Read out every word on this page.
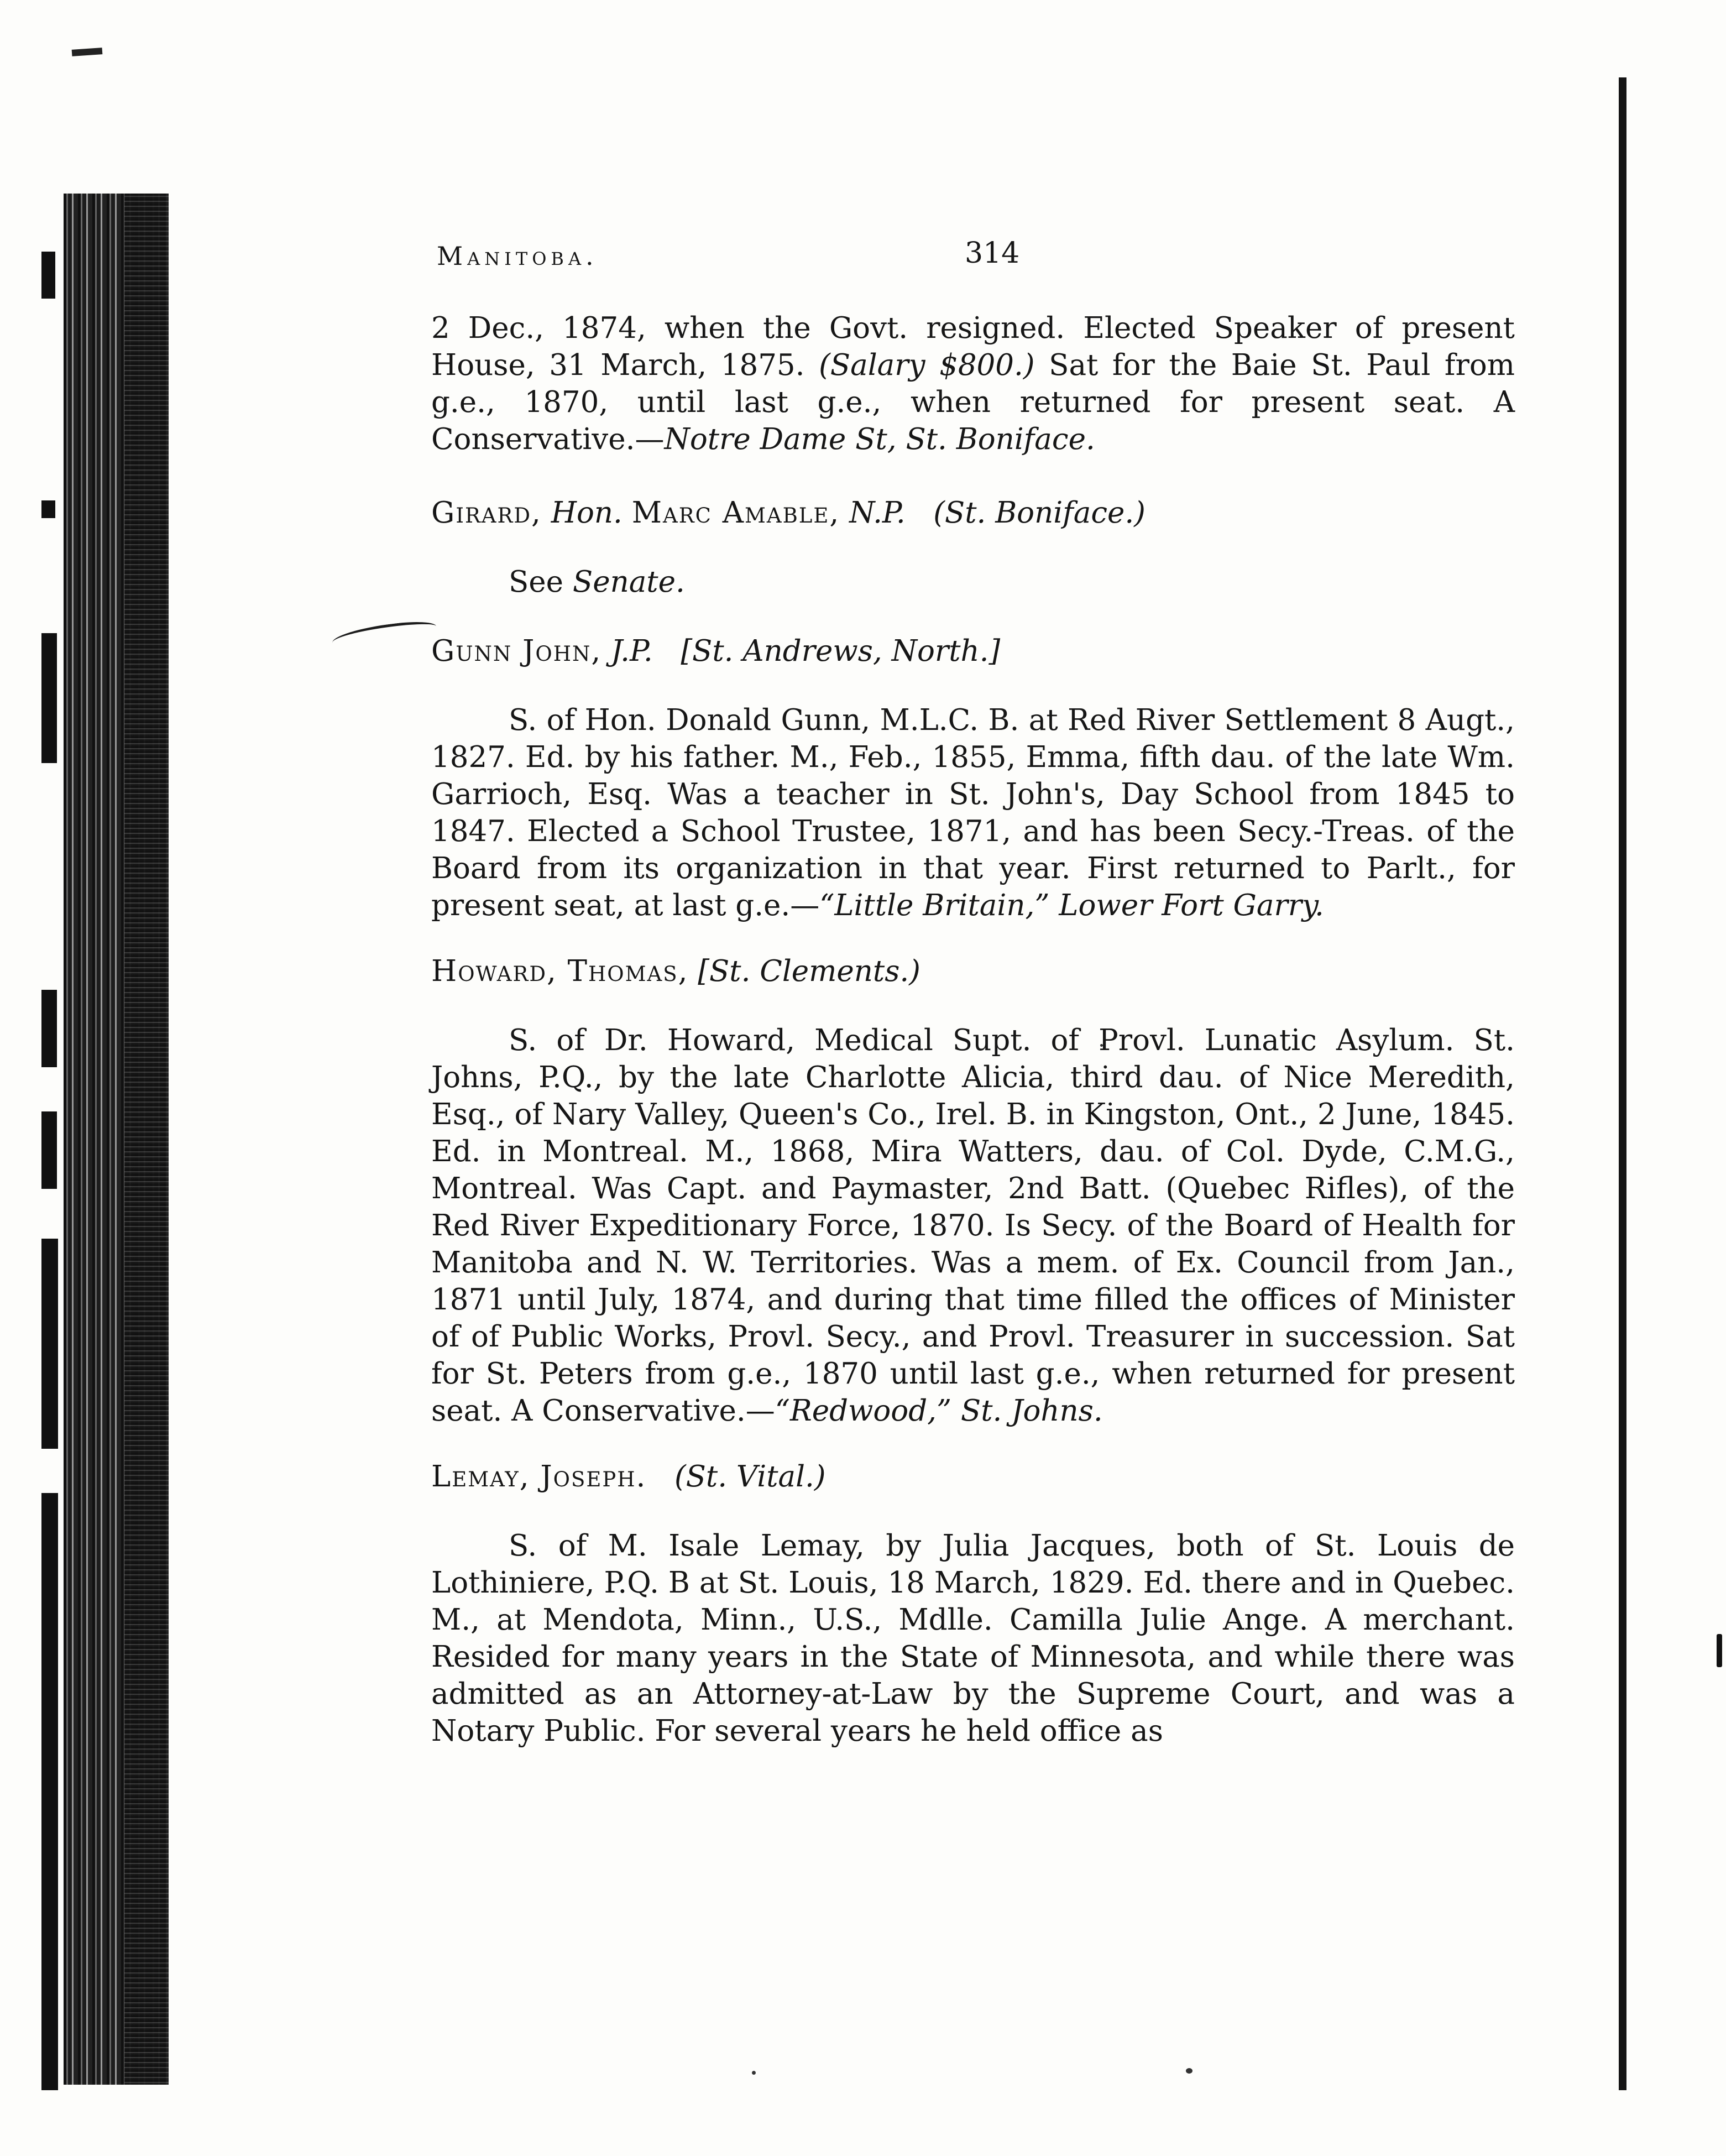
Manitoba.	314

2 Dec., 1874, when the Govt. resigned. Elected Speaker of present House, 31 March, 1875. (Salary $800.) Sat for the Baie St. Paul from g.e., 1870, until last g.e., when returned for present seat. A Conservative.—Notre Dame St, St. Boniface.

Girard, Hon. Marc Amable, N.P. (St. Boniface.)

See Senate.

Gunn John, J.P. [St. Andrews, North.]

S. of Hon. Donald Gunn, M.L.C. B. at Red River Settlement 8 Augt., 1827. Ed. by his father. M., Feb., 1855, Emma, fifth dau. of the late Wm. Garrioch, Esq. Was a teacher in St. John's, Day School from 1845 to 1847. Elected a School Trustee, 1871, and has been Secy.-Treas. of the Board from its organization in that year. First returned to Parlt., for present seat, at last g.e.—“Little Britain,” Lower Fort Garry.

Howard, Thomas, [St. Clements.)

S. of Dr. Howard, Medical Supt. of Provl. Lunatic Asylum. St. Johns, P.Q., by the late Charlotte Alicia, third dau. of Nice Meredith, Esq., of Nary Valley, Queen's Co., Irel. B. in Kingston, Ont., 2 June, 1845. Ed. in Montreal. M., 1868, Mira Watters, dau. of Col. Dyde, C.M.G., Montreal. Was Capt. and Paymaster, 2nd Batt. (Quebec Rifles), of the Red River Expeditionary Force, 1870. Is Secy. of the Board of Health for Manitoba and N. W. Territories. Was a mem. of Ex. Council from Jan., 1871 until July, 1874, and during that time filled the offices of Minister of of Public Works, Provl. Secy., and Provl. Treasurer in succession. Sat for St. Peters from g.e., 1870 until last g.e., when returned for present seat. A Conservative.—“Redwood,” St. Johns.

Lemay, Joseph. (St. Vital.)

S. of M. Isale Lemay, by Julia Jacques, both of St. Louis de Lothiniere, P.Q. B at St. Louis, 18 March, 1829. Ed. there and in Quebec. M., at Mendota, Minn., U.S., Mdlle. Camilla Julie Ange. A merchant. Resided for many years in the State of Minnesota, and while there was admitted as an Attorney-at-Law by the Supreme Court, and was a Notary Public. For several years he held office as
